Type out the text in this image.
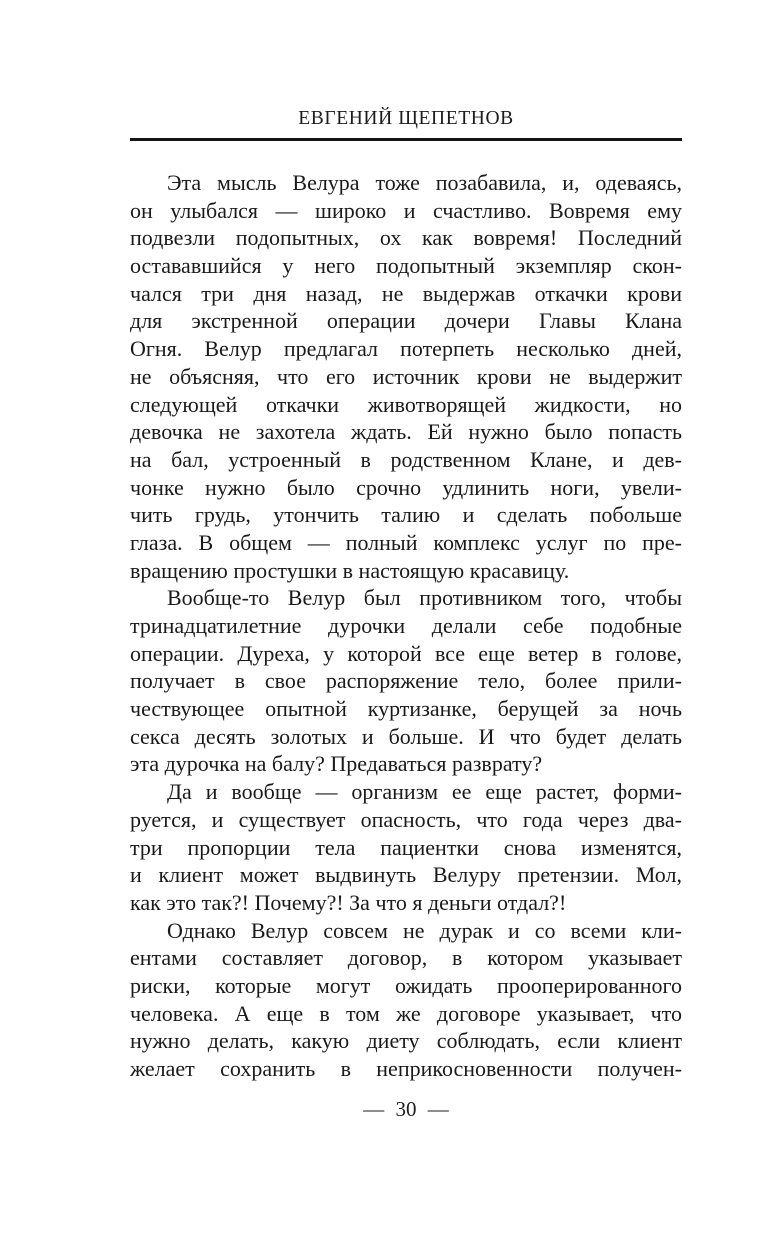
ЕВГЕНИЙ ЩЕПЕТНОВ

Эта мысль Велура тоже позабавила, и, одеваясь,
он улыбался — широко и счастливо. Вовремя ему
подвезли подопытных, ох как вовремя! Последний
остававшийся у него подопытный экземпляр скон-
чался три дня назад, не выдержав откачки крови
для экстренной операции дочери Главы Клана
Огня. Велур предлагал потерпеть несколько дней,
не объясняя, что его источник крови не выдержит
следующей откачки животворящей жидкости, но
девочка не захотела ждать. Ей нужно было попасть
на бал, устроенный в родственном Клане, и дев-
чонке нужно было срочно удлинить ноги, увели-
чить грудь, утончить талию и сделать побольше
глаза. В общем — полный комплекс услуг по пре-
вращению простушки в настоящую красавицу.

Вообще-то Велур был противником того, чтобы
тринадцатилетние дурочки делали себе подобные
операции. Дуреха, у которой все еще ветер в голове,
получает в свое распоряжение тело, более прили-
чествующее опытной куртизанке, берущей за ночь
секса десять золотых и больше. И что будет делать
эта дурочка на балу? Предаваться разврату?

Да и вообще — организм ее еще растет, форми-
руется, и существует опасность, что года через два-
три пропорции тела пациентки снова изменятся,
и клиент может выдвинуть Велуру претензии. Мол,
как это так?! Почему?! За что я деньги отдал?!

Однако Велур совсем не дурак и со всеми кли-
ентами составляет договор, в котором указывает
риски, которые могут ожидать прооперированного
человека. А еще в том же договоре указывает, что
нужно делать, какую диету соблюдать, если клиент
желает сохранить в неприкосновенности получен-

— 30 —
